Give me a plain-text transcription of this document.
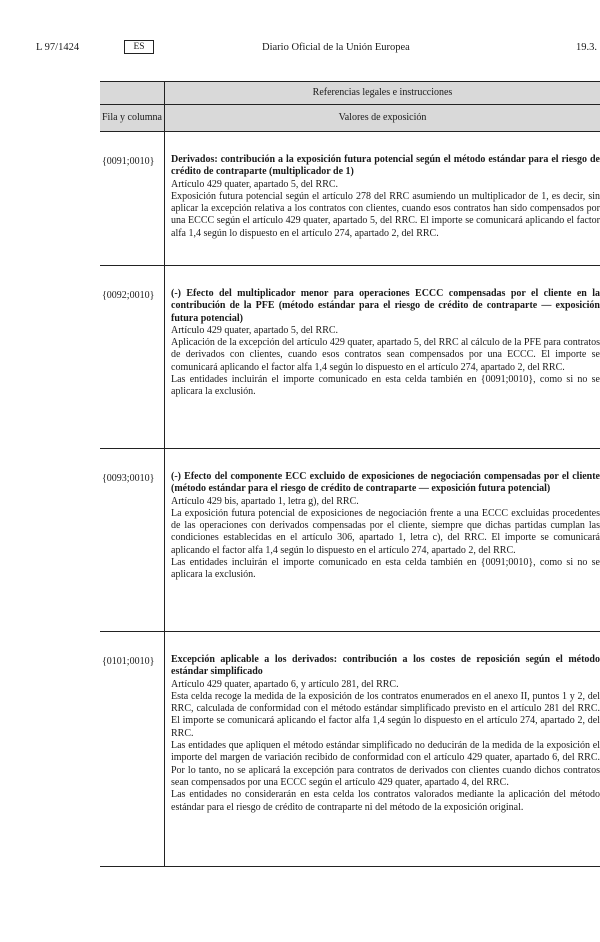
L 97/1424	ES	Diario Oficial de la Unión Europea	19.3.
	Referencias legales e instrucciones
Fila y columna	Valores de exposición
{0091;0010}	Derivados: contribución a la exposición futura potencial según el método estándar para el riesgo de crédito de contraparte (multiplicador de 1)

Artículo 429 quater, apartado 5, del RRC.

Exposición futura potencial según el artículo 278 del RRC asumiendo un multiplicador de 1, es decir, sin aplicar la excepción relativa a los contratos con clientes, cuando esos contratos han sido compensados por una ECCC según el artículo 429 quater, apartado 5, del RRC. El importe se comunicará aplicando el factor alfa 1,4 según lo dispuesto en el artículo 274, apartado 2, del RRC.

{0092;0010}	(-) Efecto del multiplicador menor para operaciones ECCC compensadas por el cliente en la contribución de la PFE (método estándar para el riesgo de crédito de contraparte — exposición futura potencial)

Artículo 429 quater, apartado 5, del RRC.

Aplicación de la excepción del artículo 429 quater, apartado 5, del RRC al cálculo de la PFE para contratos de derivados con clientes, cuando esos contratos sean compensados por una ECCC. El importe se comunicará aplicando el factor alfa 1,4 según lo dispuesto en el artículo 274, apartado 2, del RRC.

Las entidades incluirán el importe comunicado en esta celda también en {0091;0010}, como si no se aplicara la exclusión.

{0093;0010}	(-) Efecto del componente ECC excluido de exposiciones de negociación compensadas por el cliente (método estándar para el riesgo de crédito de contraparte — exposición futura potencial)

Artículo 429 bis, apartado 1, letra g), del RRC.

La exposición futura potencial de exposiciones de negociación frente a una ECCC excluidas procedentes de las operaciones con derivados compensadas por el cliente, siempre que dichas partidas cumplan las condiciones establecidas en el artículo 306, apartado 1, letra c), del RRC. El importe se comunicará aplicando el factor alfa 1,4 según lo dispuesto en el artículo 274, apartado 2, del RRC.

Las entidades incluirán el importe comunicado en esta celda también en {0091;0010}, como si no se aplicara la exclusión.

{0101;0010}	Excepción aplicable a los derivados: contribución a los costes de reposición según el método estándar simplificado

Artículo 429 quater, apartado 6, y artículo 281, del RRC.

Esta celda recoge la medida de la exposición de los contratos enumerados en el anexo II, puntos 1 y 2, del RRC, calculada de conformidad con el método estándar simplificado previsto en el artículo 281 del RRC. El importe se comunicará aplicando el factor alfa 1,4 según lo dispuesto en el artículo 274, apartado 2, del RRC.

Las entidades que apliquen el método estándar simplificado no deducirán de la medida de la exposición el importe del margen de variación recibido de conformidad con el artículo 429 quater, apartado 6, del RRC. Por lo tanto, no se aplicará la excepción para contratos de derivados con clientes cuando dichos contratos sean compensados por una ECCC según el artículo 429 quater, apartado 4, del RRC.

Las entidades no considerarán en esta celda los contratos valorados mediante la aplicación del método estándar para el riesgo de crédito de contraparte ni del método de la exposición original.
